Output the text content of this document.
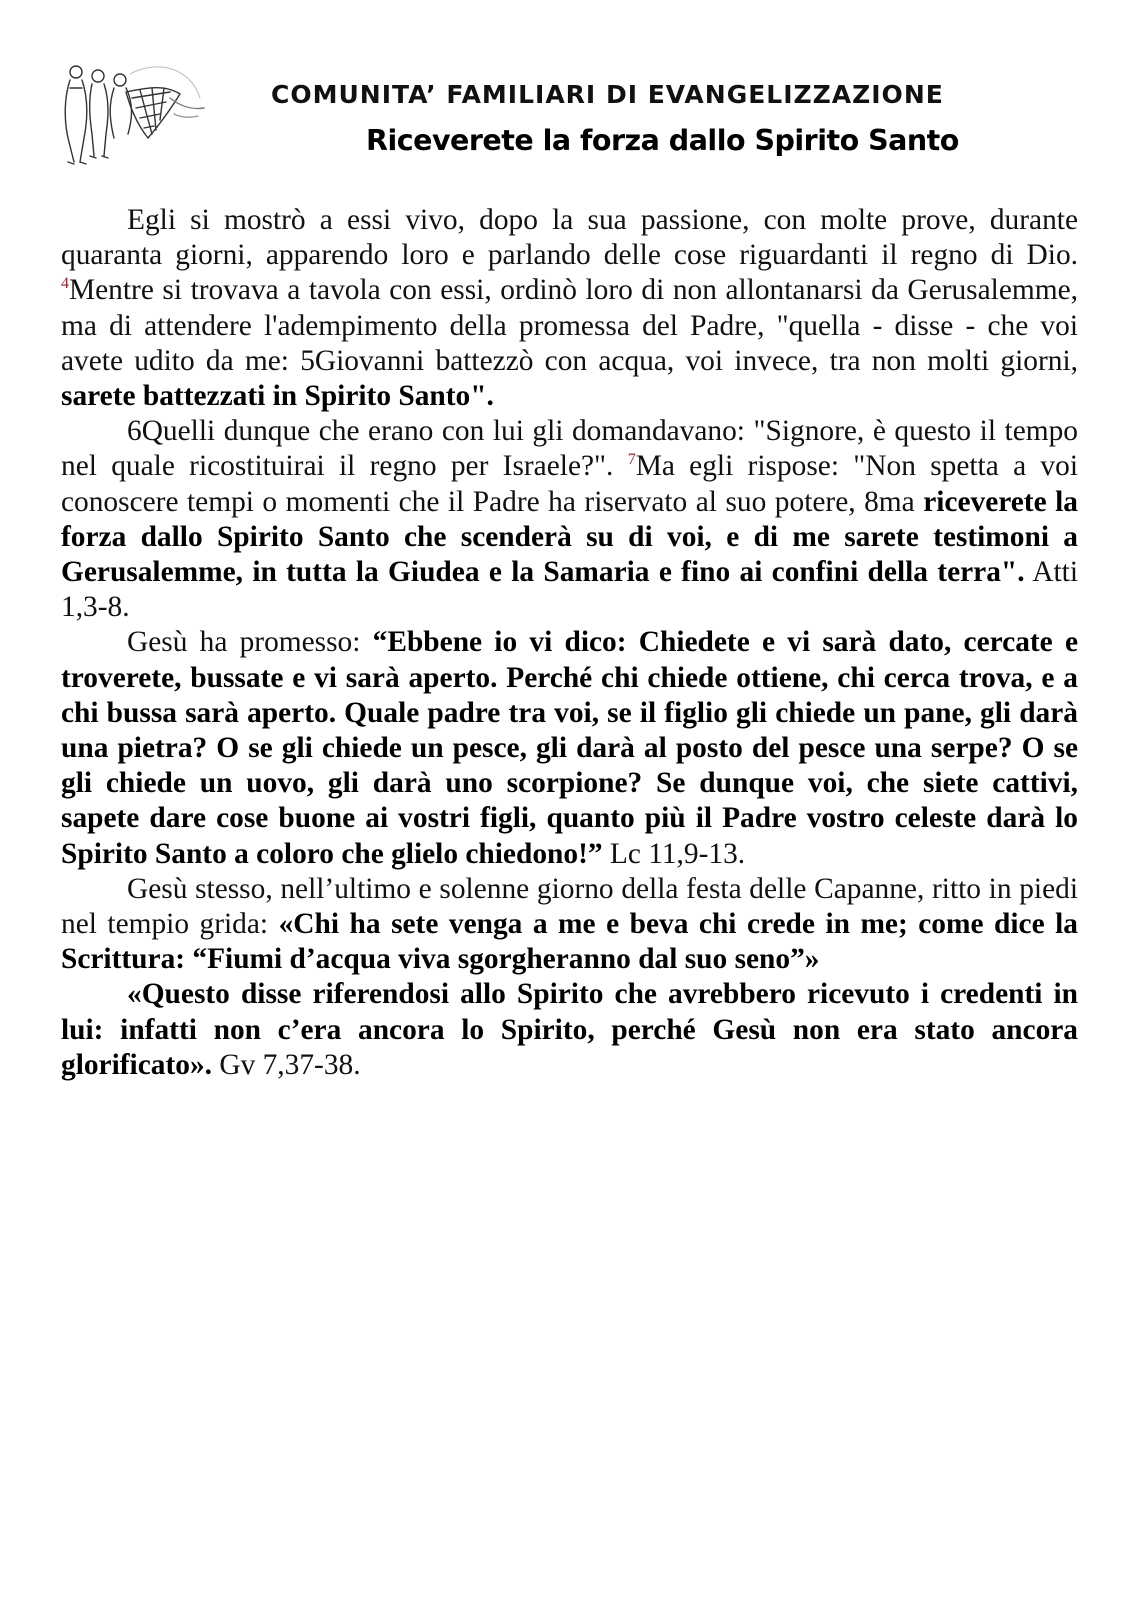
COMUNITA’ FAMILIARI DI EVANGELIZZAZIONE
Riceverete la forza dallo Spirito Santo

Egli si mostrò a essi vivo, dopo la sua passione, con molte prove, durante quaranta giorni, apparendo loro e parlando delle cose riguardanti il regno di Dio. $^4$Mentre si trovava a tavola con essi, ordinò loro di non allontanarsi da Gerusalemme, ma di attendere l'adempimento della promessa del Padre, "quella - disse - che voi avete udito da me: 5Giovanni battezzò con acqua, voi invece, tra non molti giorni, sarete battezzati in Spirito Santo".

6Quelli dunque che erano con lui gli domandavano: "Signore, è questo il tempo nel quale ricostituirai il regno per Israele?". $^7$Ma egli rispose: "Non spetta a voi conoscere tempi o momenti che il Padre ha riservato al suo potere, 8ma riceverete la forza dallo Spirito Santo che scenderà su di voi, e di me sarete testimoni a Gerusalemme, in tutta la Giudea e la Samaria e fino ai confini della terra". Atti 1,3-8.

Gesù ha promesso: “Ebbene io vi dico: Chiedete e vi sarà dato, cercate e troverete, bussate e vi sarà aperto. Perché chi chiede ottiene, chi cerca trova, e a chi bussa sarà aperto. Quale padre tra voi, se il figlio gli chiede un pane, gli darà una pietra? O se gli chiede un pesce, gli darà al posto del pesce una serpe? O se gli chiede un uovo, gli darà uno scorpione? Se dunque voi, che siete cattivi, sapete dare cose buone ai vostri figli, quanto più il Padre vostro celeste darà lo Spirito Santo a coloro che glielo chiedono!” Lc 11,9-13.

Gesù stesso, nell’ultimo e solenne giorno della festa delle Capanne, ritto in piedi nel tempio grida: «Chi ha sete venga a me e beva chi crede in me; come dice la Scrittura: “Fiumi d’acqua viva sgorgheranno dal suo seno”»

«Questo disse riferendosi allo Spirito che avrebbero ricevuto i credenti in lui: infatti non c’era ancora lo Spirito, perché Gesù non era stato ancora glorificato». Gv 7,37-38.
